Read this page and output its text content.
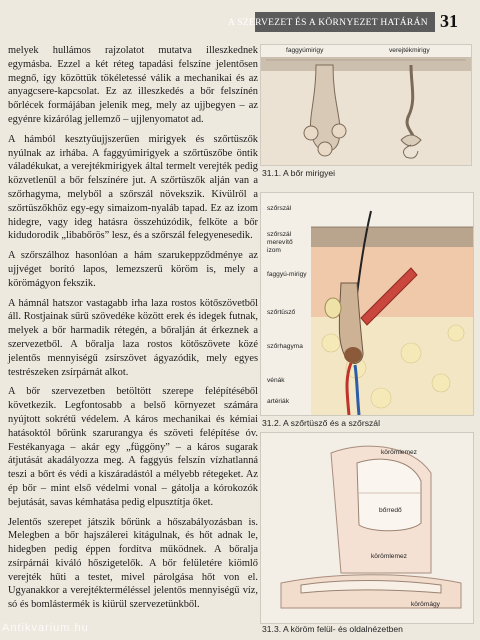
A SZERVEZET ÉS A KÖRNYEZET HATÁRÁN 31

melyek hullámos rajzolatot mutatva illeszkednek egymásba. Ezzel a két réteg tapadási felszíne jelentősen megnő, így közöttük tökéletessé válik a mechanikai és az anyagcsere-kapcsolat. Ez az illeszkedés a bőr felszínén bőrlécek formájában jelenik meg, mely az ujjbegyen – az egyénre kizárólag jellemző – ujjlenyomatot ad.

A hámból kesztyűujjszerűen mirigyek és szőrtüszők nyúlnak az irhába. A faggyúmirigyek a szőrtüszőbe öntik váladékukat, a verejtékmirigyek által termelt verejték pedig közvetlenül a bőr felszínére jut. A szőrtüszők alján van a szőrhagyma, melyből a szőrszál növekszik. Kívülről a szőrtüszőkhöz egy-egy simaizom-nyaláb tapad. Ez az izom hidegre, vagy ideg hatásra összehúzódik, felköte a bőr kidudorodik „libabőrös” lesz, és a szőrszál felegyenesedik.

A szőrszálhoz hasonlóan a hám szarukeppződménye az ujjvéget borító lapos, lemezszerű köröm is, mely a körömágyon fekszik.

A hámnál hatszor vastagabb irha laza rostos kötőszövetből áll. Rostjainak sűrű szövedéke között erek és idegek futnak, melyek a bőr harmadik rétegén, a bőralján át érkeznek a szervezetből. A bőralja laza rostos kötőszövete közé jelentős mennyiségű zsírszövet ágyazódik, mely egyes testrészeken zsírpárnát alkot.

A bőr szervezetben betöltött szerepe felépítéséből következik. Legfontosabb a belső környezet számára nyújtott sokrétű védelem. A káros mechanikai és kémiai hatásoktól bőrünk szarurangya és szöveti felépítése óv. Festékanyaga – akár egy „függöny” – a káros sugarak átjutását akadályozza meg. A faggyús felszín vízhatlanná teszi a bőrt és védi a kiszáradástól a mélyebb rétegeket. Az ép bőr – mint első védelmi vonal – gátolja a kórokozók bejutását, savas kémhatása pedig elpusztítja őket.

Jelentős szerepet játszik bőrünk a hőszabályozásban is. Melegben a bőr hajszálerei kitágulnak, és hőt adnak le, hidegben pedig éppen fordítva működnek. A bőralja zsírpárnái kiváló hőszigetelők. A bőr felületére kiömlő verejték hűti a testet, mivel párolgása hőt von el. Ugyanakkor a verejtékterméléssel jelentős mennyiségű víz, só és bomlástermék is kiürül szervezetünkből.

faggyúmirigy	verejtékmirigy
31.1. A bőr mirigyei
szőrszál
szőrszál merevítő izom
faggyú-mirigy
szőrtüsző
szőrhagyma
vénák
artériák
31.2. A szőrtüsző és a szőrszál
körömlemez
bőrredő
körömlemez
körömágy
31.3. A köröm felül- és oldalnézetben
Antikvarium.hu
